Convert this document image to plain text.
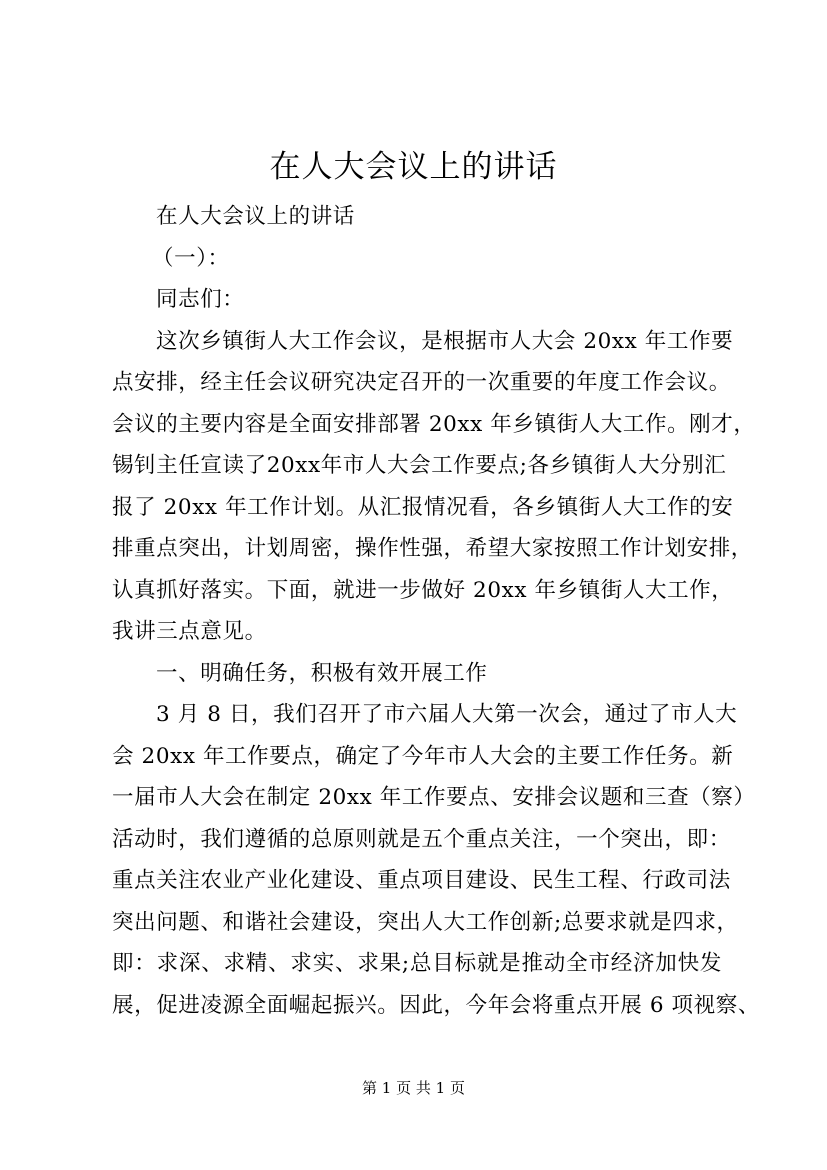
在人大会议上的讲话
在人大会议上的讲话
（一）：
同志们：
这次乡镇街人大工作会议，是根据市人大会 20xx 年工作要
点安排，经主任会议研究决定召开的一次重要的年度工作会议。
会议的主要内容是全面安排部署 20xx 年乡镇街人大工作。刚才，
锡钊主任宣读了20xx年市人大会工作要点;各乡镇街人大分别汇
报了 20xx 年工作计划。从汇报情况看，各乡镇街人大工作的安
排重点突出，计划周密，操作性强，希望大家按照工作计划安排，
认真抓好落实。下面，就进一步做好 20xx 年乡镇街人大工作，
我讲三点意见。
一、明确任务，积极有效开展工作
3 月 8 日，我们召开了市六届人大第一次会，通过了市人大
会 20xx 年工作要点，确定了今年市人大会的主要工作任务。新
一届市人大会在制定 20xx 年工作要点、安排会议题和三查（察）
活动时，我们遵循的总原则就是五个重点关注，一个突出，即：
重点关注农业产业化建设、重点项目建设、民生工程、行政司法
突出问题、和谐社会建设，突出人大工作创新;总要求就是四求，
即：求深、求精、求实、求果;总目标就是推动全市经济加快发
展，促进凌源全面崛起振兴。因此，今年会将重点开展 6 项视察、
第 1 页 共 1 页
